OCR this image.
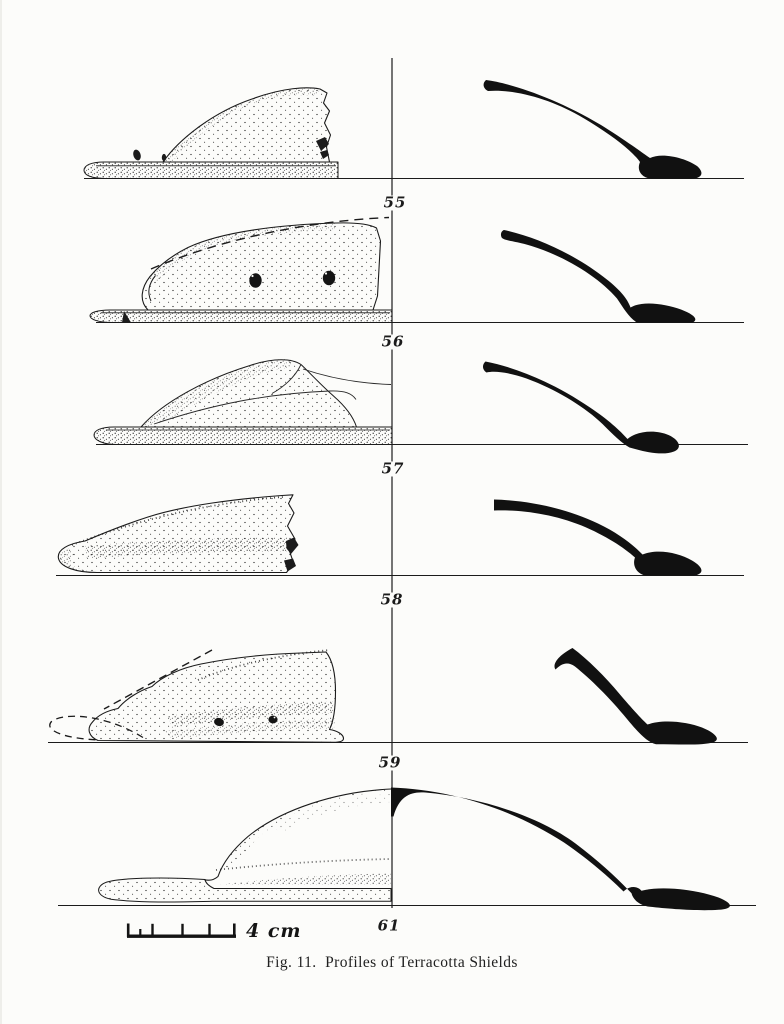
55
56
57
58
59
61
4 cm
Fig. 11.  Profiles of Terracotta Shields
